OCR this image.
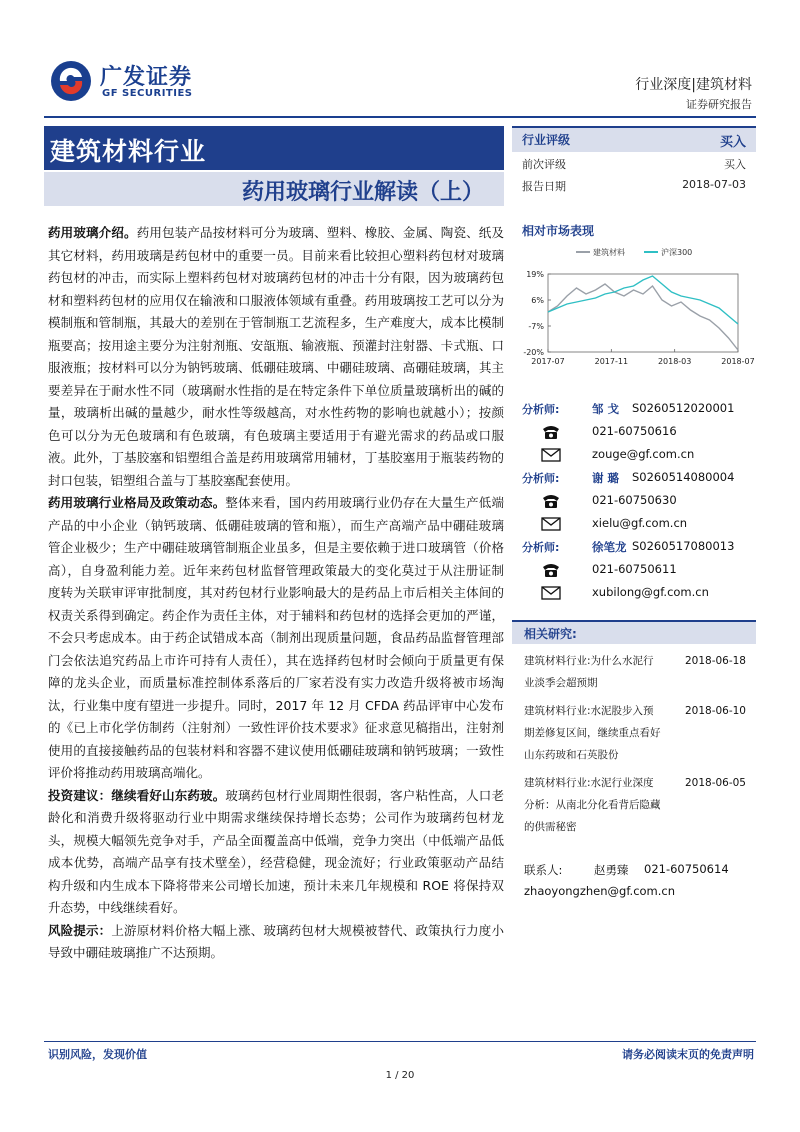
广发证券
GF SECURITIES
行业深度|建筑材料
证券研究报告
建筑材料行业
药用玻璃行业解读（上）
行业评级	买入
前次评级	买入
报告日期	2018-07-03

药用玻璃介绍。药用包装产品按材料可分为玻璃、塑料、橡胶、金属、陶瓷、纸及其它材料，药用玻璃是药包材中的重要一员。目前来看比较担心塑料药包材对玻璃药包材的冲击，而实际上塑料药包材对玻璃药包材的冲击十分有限，因为玻璃药包材和塑料药包材的应用仅在输液和口服液体领域有重叠。药用玻璃按工艺可以分为模制瓶和管制瓶，其最大的差别在于管制瓶工艺流程多，生产难度大，成本比模制瓶要高；按用途主要分为注射剂瓶、安瓿瓶、输液瓶、预灌封注射器、卡式瓶、口服液瓶；按材料可以分为钠钙玻璃、低硼硅玻璃、中硼硅玻璃、高硼硅玻璃，其主要差异在于耐水性不同（玻璃耐水性指的是在特定条件下单位质量玻璃析出的碱的量，玻璃析出碱的量越少，耐水性等级越高，对水性药物的影响也就越小）；按颜色可以分为无色玻璃和有色玻璃，有色玻璃主要适用于有避光需求的药品或口服液。此外，丁基胶塞和铝塑组合盖是药用玻璃常用辅材，丁基胶塞用于瓶装药物的封口包装，铝塑组合盖与丁基胶塞配套使用。

药用玻璃行业格局及政策动态。整体来看，国内药用玻璃行业仍存在大量生产低端产品的中小企业（钠钙玻璃、低硼硅玻璃的管和瓶），而生产高端产品中硼硅玻璃管企业极少；生产中硼硅玻璃管制瓶企业虽多，但是主要依赖于进口玻璃管（价格高），自身盈利能力差。近年来药包材监督管理政策最大的变化莫过于从注册证制度转为关联审评审批制度，其对药包材行业影响最大的是药品上市后相关主体间的权责关系得到确定。药企作为责任主体，对于辅料和药包材的选择会更加的严谨，不会只考虑成本。由于药企试错成本高（制剂出现质量问题，食品药品监督管理部门会依法追究药品上市许可持有人责任），其在选择药包材时会倾向于质量更有保障的龙头企业，而质量标准控制体系落后的厂家若没有实力改造升级将被市场淘汰，行业集中度有望进一步提升。同时，2017 年 12 月 CFDA 药品评审中心发布的《已上市化学仿制药（注射剂）一致性评价技术要求》征求意见稿指出，注射剂使用的直接接触药品的包装材料和容器不建议使用低硼硅玻璃和钠钙玻璃；一致性评价将推动药用玻璃高端化。

投资建议：继续看好山东药玻。玻璃药包材行业周期性很弱，客户粘性高，人口老龄化和消费升级将驱动行业中期需求继续保持增长态势；公司作为玻璃药包材龙头，规模大幅领先竞争对手，产品全面覆盖高中低端，竞争力突出（中低端产品低成本优势，高端产品享有技术壁垒），经营稳健，现金流好；行业政策驱动产品结构升级和内生成本下降将带来公司增长加速，预计未来几年规模和 ROE 将保持双升态势，中线继续看好。

风险提示：上游原材料价格大幅上涨、玻璃药包材大规模被替代、政策执行力度小导致中硼硅玻璃推广不达预期。

相对市场表现
建筑材料	沪深300
19%
6%
-7%
-20%
2017-07	2017-11	2018-03	2018-07
分析师:	邹 戈 S0260512020001
021-60750616
zouge@gf.com.cn
分析师:	谢 璐 S0260514080004
021-60750630
xielu@gf.com.cn
分析师:	徐笔龙 S0260517080013
021-60750611
xubilong@gf.com.cn
相关研究:
建筑材料行业:为什么水泥行业淡季会超预期
2018-06-18
建筑材料行业:水泥股步入预期差修复区间，继续重点看好山东药玻和石英股份
2018-06-10
建筑材料行业:水泥行业深度分析：从南北分化看背后隐藏的供需秘密
2018-06-05
联系人:	赵勇臻 021-60750614
zhaoyongzhen@gf.com.cn
识别风险，发现价值	请务必阅读末页的免责声明
1 / 20
